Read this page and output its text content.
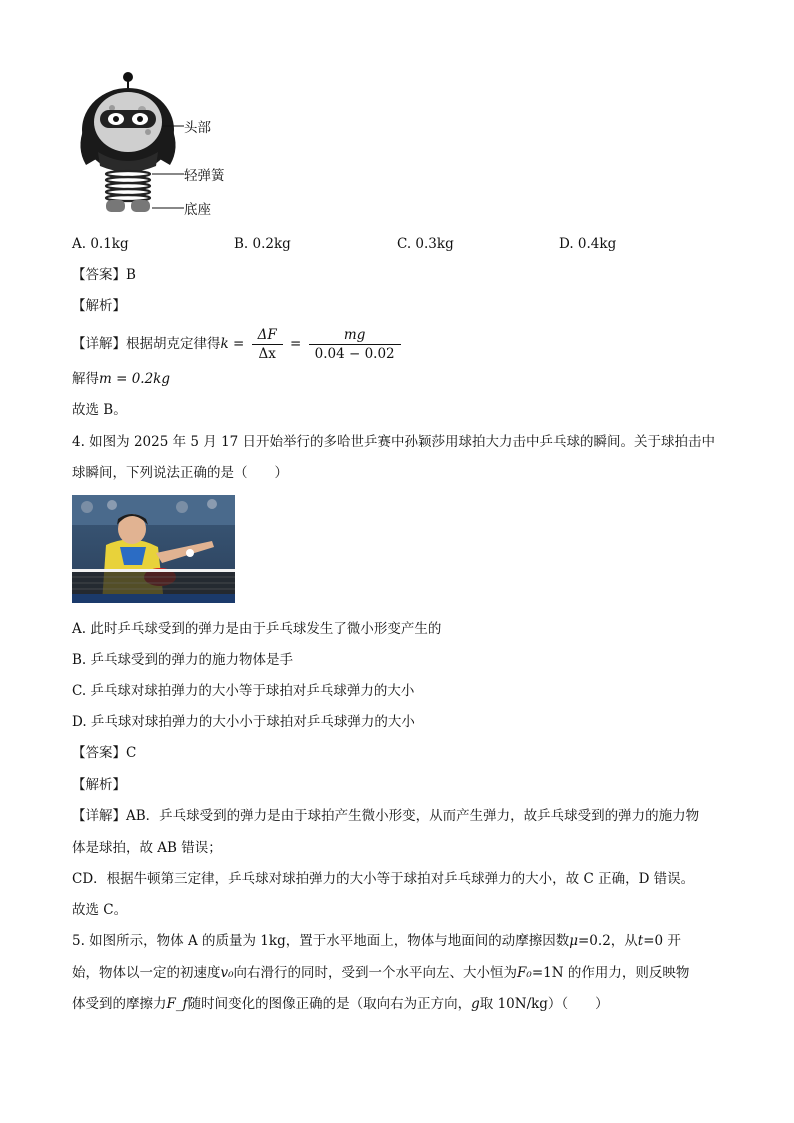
头部
轻弹簧
底座
A. 0.1kg	B. 0.2kg	C. 0.3kg	D. 0.4kg
【答案】B
【解析】
【详解】根据胡克定律得$k = \frac{\Delta F}{\Delta x} = \frac{mg}{0.04 - 0.02}$
解得m = 0.2kg
故选 B。
4. 如图为 2025 年 5 月 17 日开始举行的多哈世乒赛中孙颖莎用球拍大力击中乒乓球的瞬间。关于球拍击中
球瞬间，下列说法正确的是（　　）
A. 此时乒乓球受到的弹力是由于乒乓球发生了微小形变产生的
B. 乒乓球受到的弹力的施力物体是手
C. 乒乓球对球拍弹力的大小等于球拍对乒乓球弹力的大小
D. 乒乓球对球拍弹力的大小小于球拍对乒乓球弹力的大小
【答案】C
【解析】
【详解】AB．乒乓球受到的弹力是由于球拍产生微小形变，从而产生弹力，故乒乓球受到的弹力的施力物
体是球拍，故 AB 错误；
CD．根据牛顿第三定律，乒乓球对球拍弹力的大小等于球拍对乒乓球弹力的大小，故 C 正确，D 错误。
故选 C。
5. 如图所示，物体 A 的质量为 1kg，置于水平地面上，物体与地面间的动摩擦因数μ=0.2，从t=0 开
始，物体以一定的初速度v₀向右滑行的同时，受到一个水平向左、大小恒为F₀=1N 的作用力，则反映物
体受到的摩擦力F_f随时间变化的图像正确的是（取向右为正方向，g取 10N/kg）（　　）
